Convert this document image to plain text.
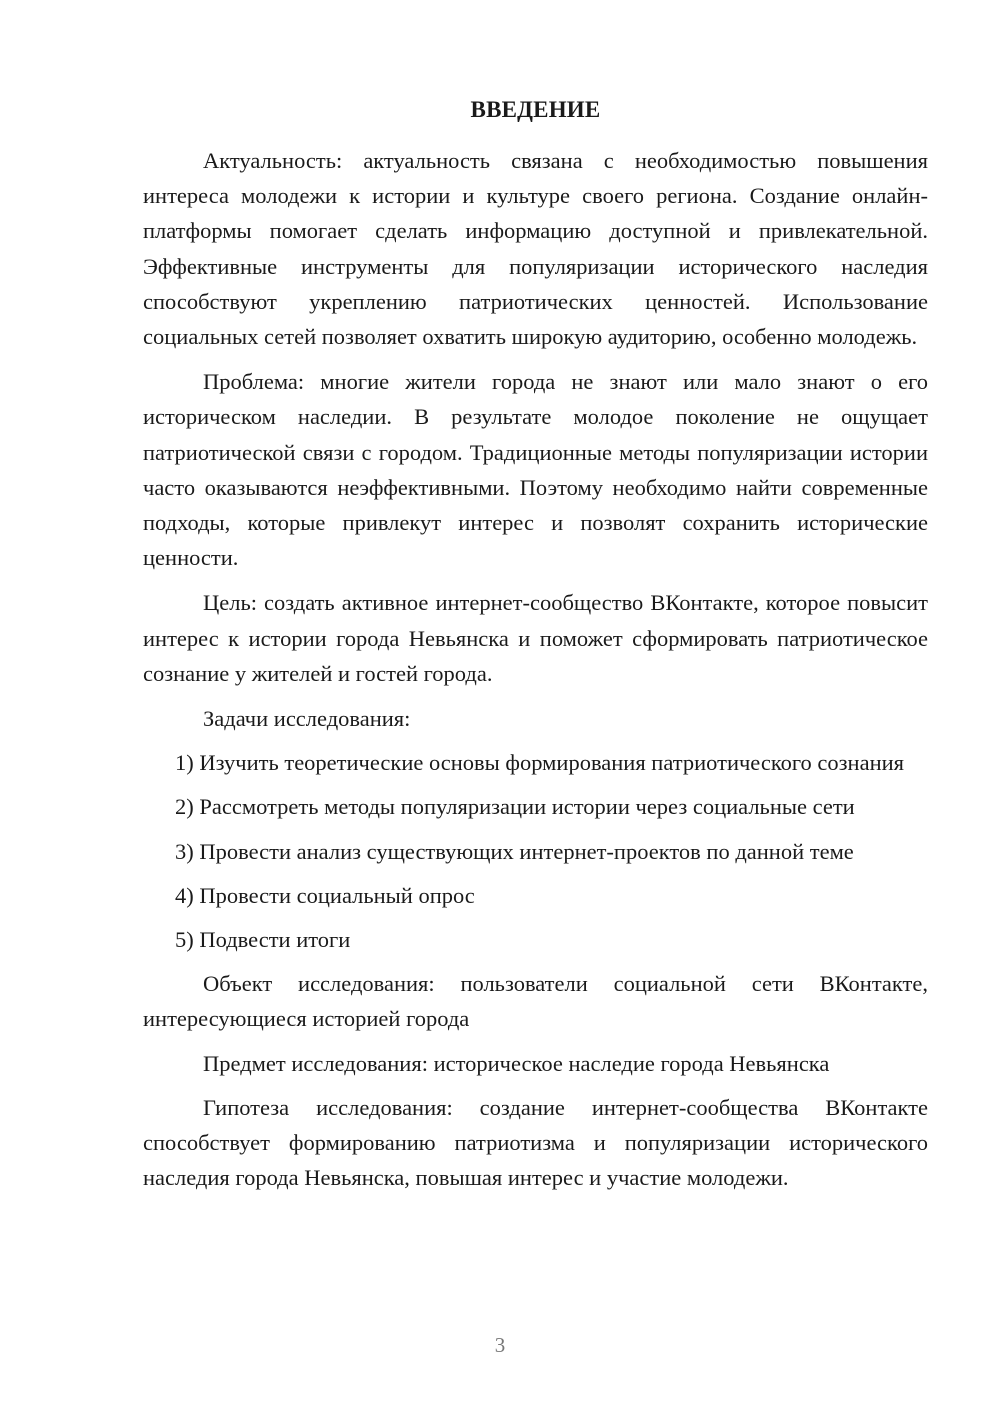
ВВЕДЕНИЕ

Актуальность: актуальность связана с необходимостью повышения интереса молодежи к истории и культуре своего региона. Создание онлайн-платформы помогает сделать информацию доступной и привлекательной. Эффективные инструменты для популяризации исторического наследия способствуют укреплению патриотических ценностей. Использование социальных сетей позволяет охватить широкую аудиторию, особенно молодежь.

Проблема: многие жители города не знают или мало знают о его историческом наследии. В результате молодое поколение не ощущает патриотической связи с городом. Традиционные методы популяризации истории часто оказываются неэффективными. Поэтому необходимо найти современные подходы, которые привлекут интерес и позволят сохранить исторические ценности.

Цель: создать активное интернет-сообщество ВКонтакте, которое повысит интерес к истории города Невьянска и поможет сформировать патриотическое сознание у жителей и гостей города.

Задачи исследования:

1) Изучить теоретические основы формирования патриотического сознания

2) Рассмотреть методы популяризации истории через социальные сети

3) Провести анализ существующих интернет-проектов по данной теме

4) Провести социальный опрос

5) Подвести итоги

Объект исследования: пользователи социальной сети ВКонтакте, интересующиеся историей города

Предмет исследования: историческое наследие города Невьянска

Гипотеза исследования: создание интернет-сообщества ВКонтакте способствует формированию патриотизма и популяризации исторического наследия города Невьянска, повышая интерес и участие молодежи.

3
